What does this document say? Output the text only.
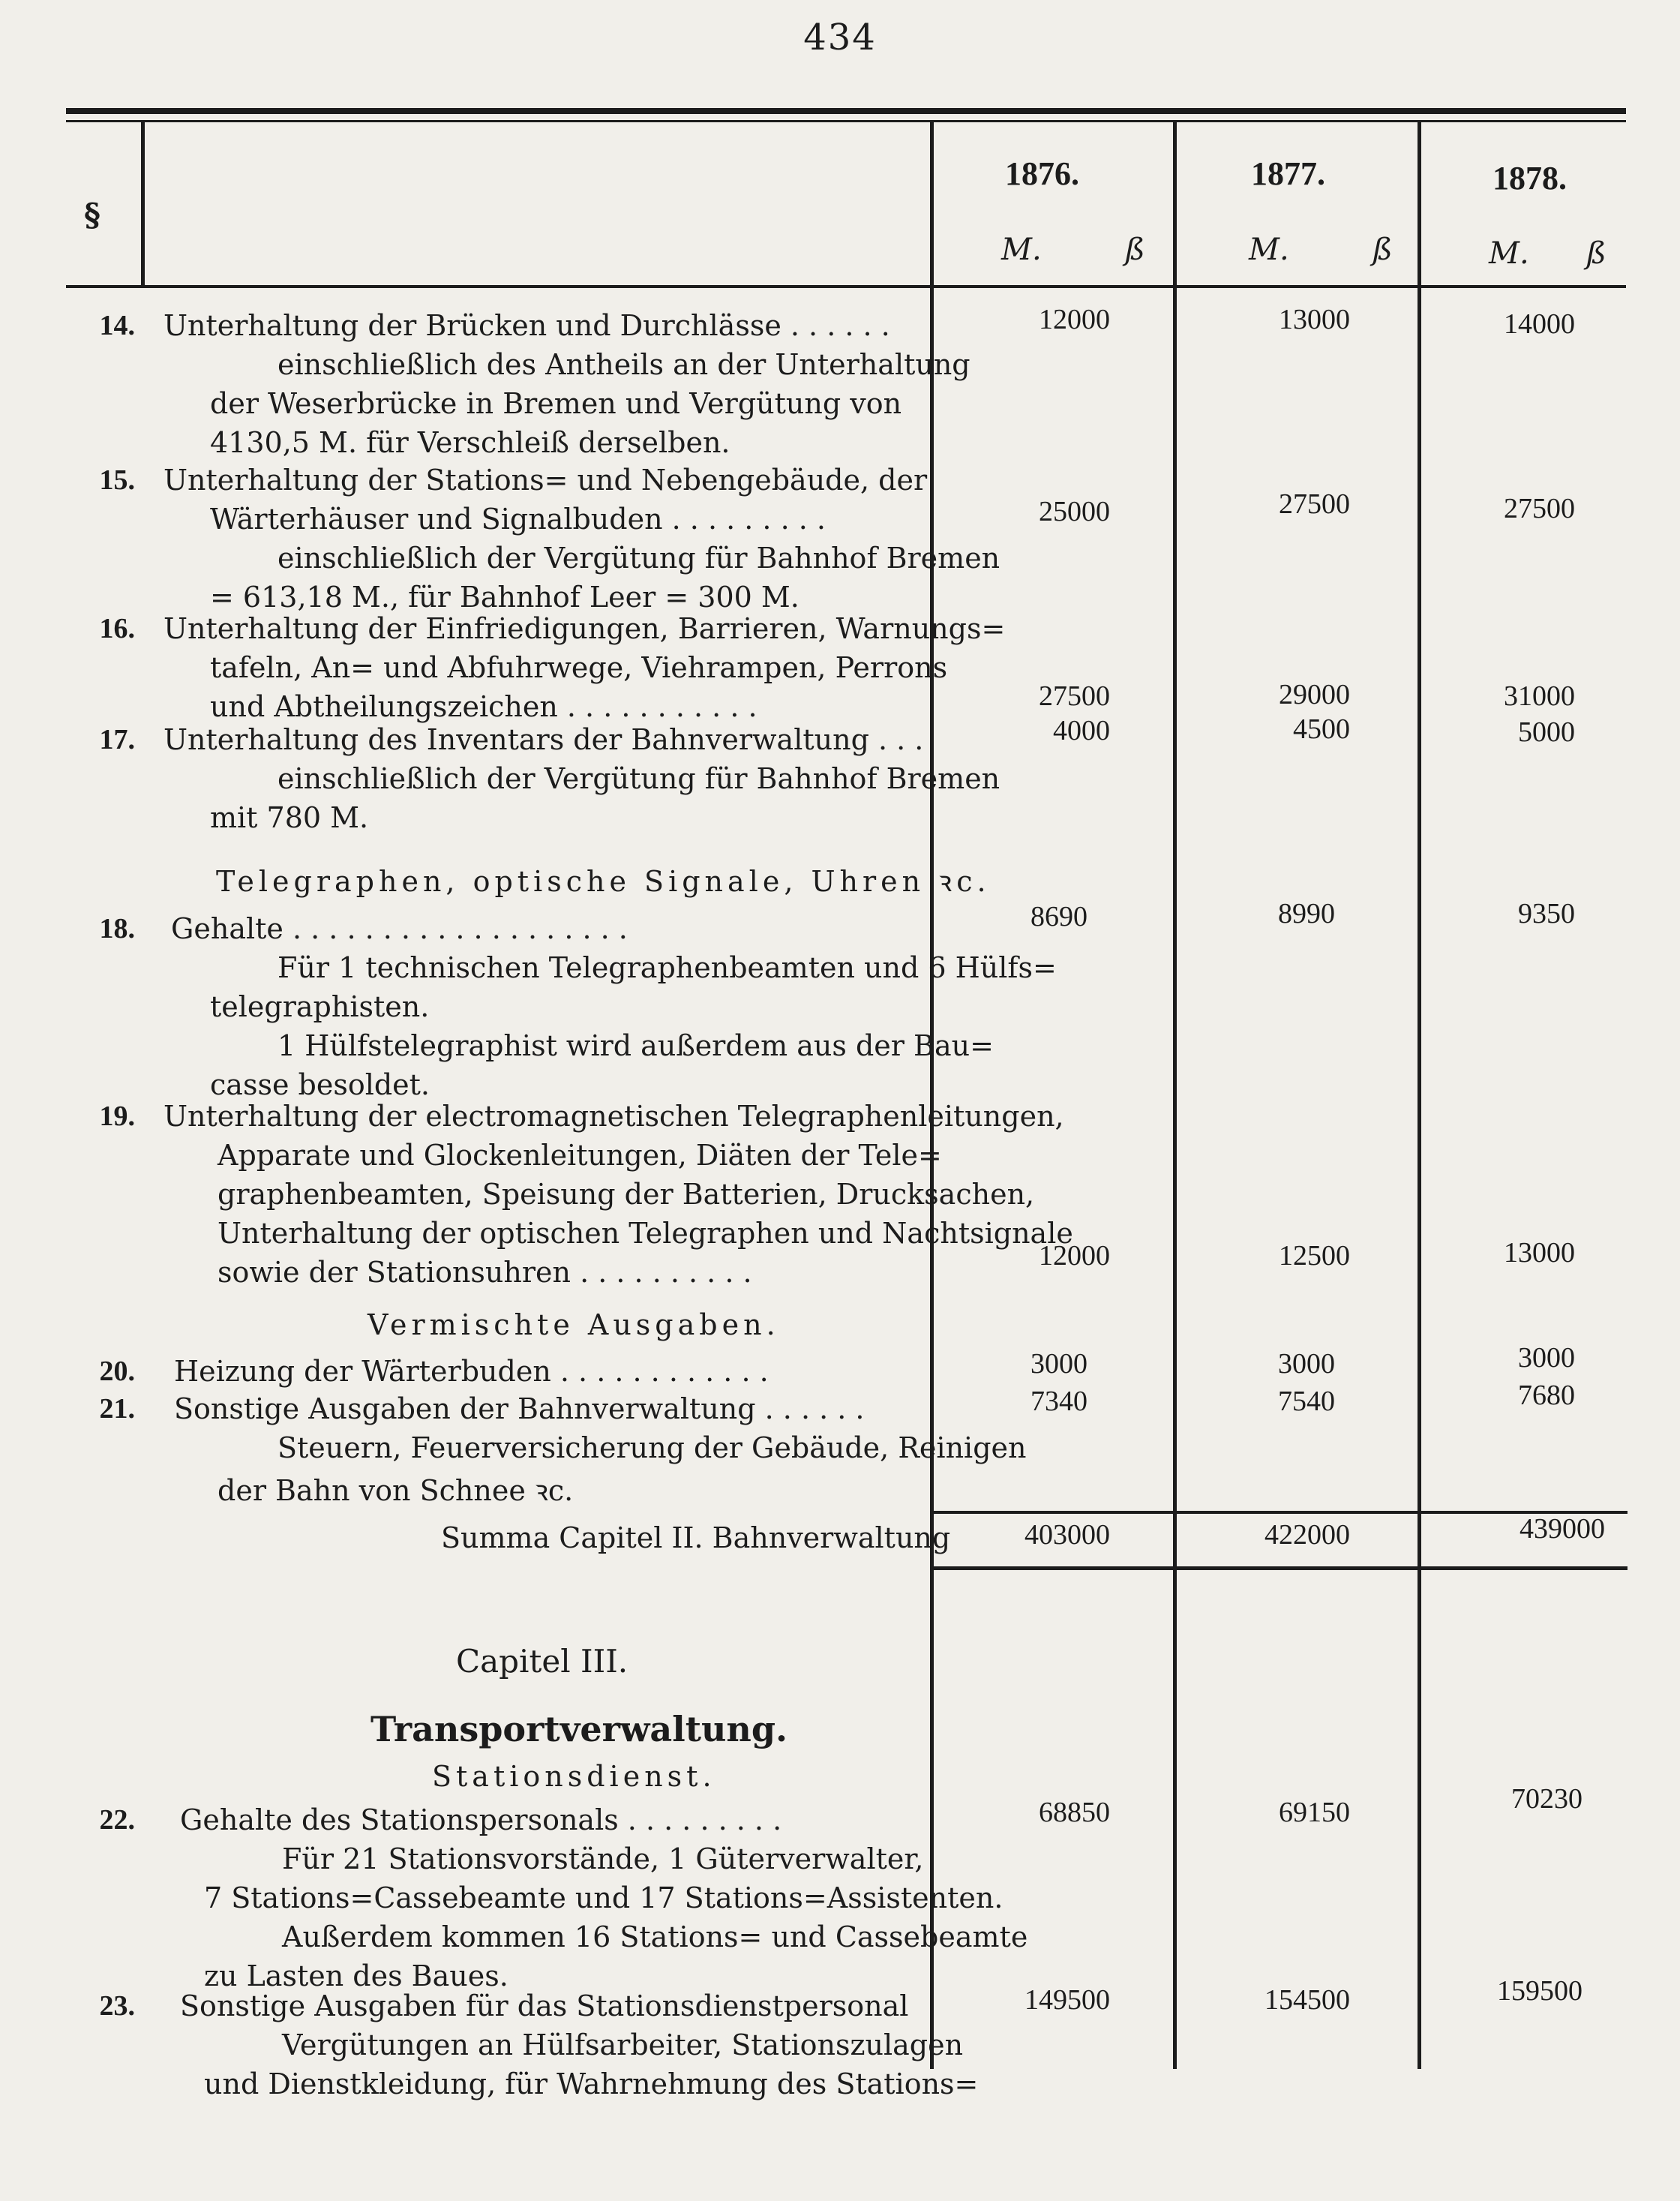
434
§
1876.	1877.	1878.
M.	ß	M.	ß	M. ß
14. Unterhaltung der Brücken und Durchlässe . . . . . .
einschließlich des Antheils an der Unterhaltung
der Weserbrücke in Bremen und Vergütung von
4130,5 M. für Verschleiß derselben.
12000	13000	14000
15. Unterhaltung der Stations= und Nebengebäude, der
Wärterhäuser und Signalbuden . . . . . . . . .
einschließlich der Vergütung für Bahnhof Bremen
= 613,18 M., für Bahnhof Leer = 300 M.
25000	27500	27500
16. Unterhaltung der Einfriedigungen, Barrieren, Warnungs=
tafeln, An= und Abfuhrwege, Viehrampen, Perrons
und Abtheilungszeichen . . . . . . . . . . .	27500	29000	31000
17. Unterhaltung des Inventars der Bahnverwaltung . . .
einschließlich der Vergütung für Bahnhof Bremen
mit 780 M.
4000	4500	5000
Telegraphen, optische Signale, Uhren ꝛc.
18. Gehalte . . . . . . . . . . . . . . . . . . .
Für 1 technischen Telegraphenbeamten und 6 Hülfs=
telegraphisten.
1 Hülfstelegraphist wird außerdem aus der Bau=
casse besoldet.
8690	8990	9350
19. Unterhaltung der electromagnetischen Telegraphenleitungen,
Apparate und Glockenleitungen, Diäten der Tele=
graphenbeamten, Speisung der Batterien, Drucksachen,
Unterhaltung der optischen Telegraphen und Nachtsignale
sowie der Stationsuhren . . . . . . . . . .	12000	12500	13000
Vermischte Ausgaben.
20. Heizung der Wärterbuden . . . . . . . . . . . .	3000	3000	3000
21. Sonstige Ausgaben der Bahnverwaltung . . . . . .
Steuern, Feuerversicherung der Gebäude, Reinigen
der Bahn von Schnee ꝛc.
7340	7540	7680
Summa Capitel II. Bahnverwaltung	403000	422000	439000
Capitel III.
Transportverwaltung.
Stationsdienst.
22. Gehalte des Stationspersonals . . . . . . . . .
Für 21 Stationsvorstände, 1 Güterverwalter,
7 Stations=Cassebeamte und 17 Stations=Assistenten.
Außerdem kommen 16 Stations= und Cassebeamte
zu Lasten des Baues.
68850	69150	70230
23. Sonstige Ausgaben für das Stationsdienstpersonal
Vergütungen an Hülfsarbeiter, Stationszulagen
und Dienstkleidung, für Wahrnehmung des Stations=
149500	154500	159500
